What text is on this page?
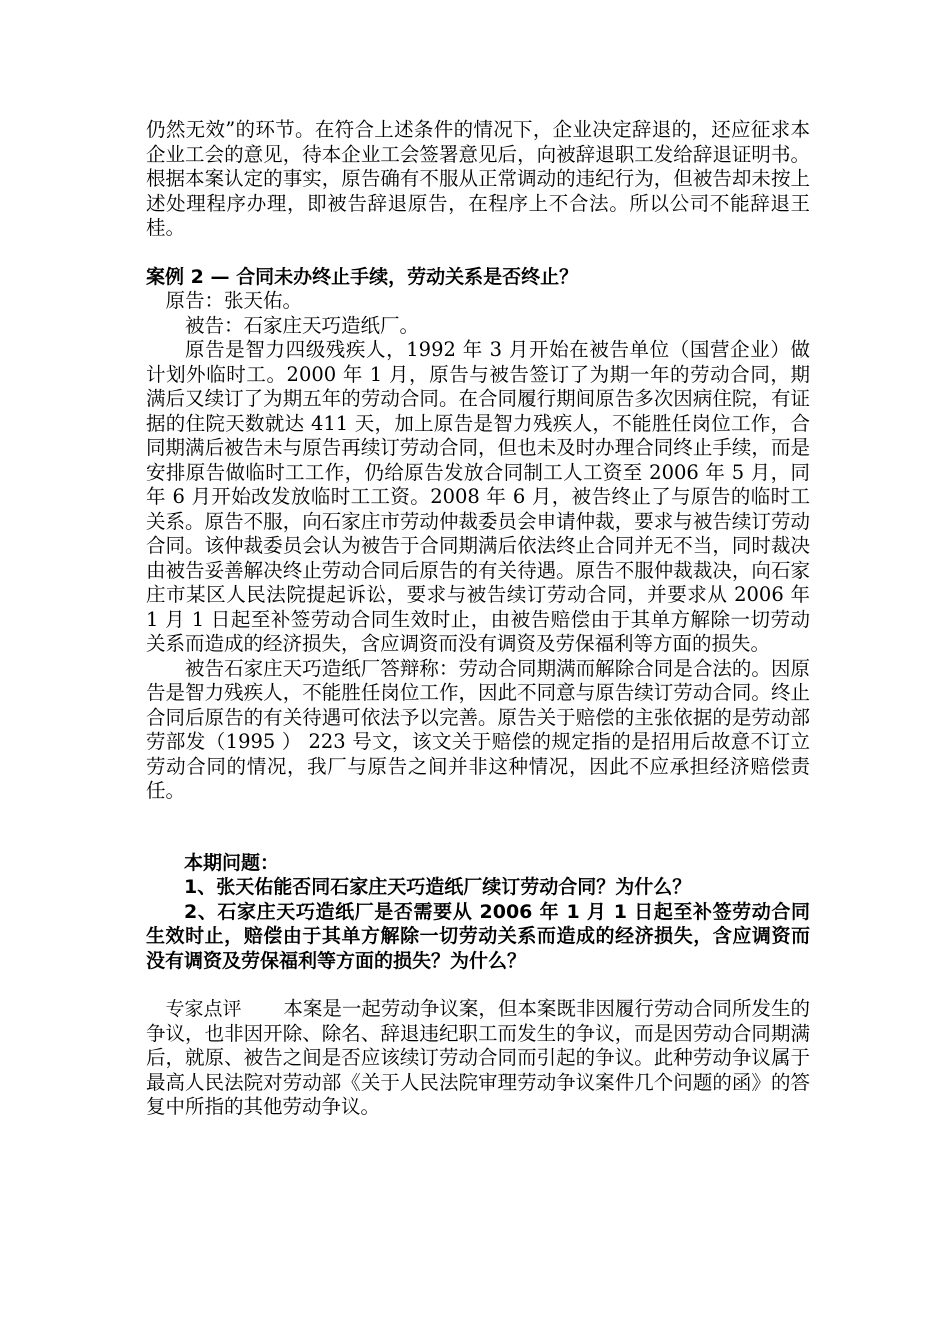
仍然无效”的环节。在符合上述条件的情况下，企业决定辞退的，还应征求本企业工会的意见，待本企业工会签署意见后，向被辞退职工发给辞退证明书。根据本案认定的事实，原告确有不服从正常调动的违纪行为，但被告却未按上述处理程序办理，即被告辞退原告，在程序上不合法。所以公司不能辞退王桂。

案例 2 — 合同未办终止手续，劳动关系是否终止？

原告：张天佑。

被告：石家庄天巧造纸厂。

原告是智力四级残疾人，1992 年 3 月开始在被告单位（国营企业）做计划外临时工。2000 年 1 月，原告与被告签订了为期一年的劳动合同，期满后又续订了为期五年的劳动合同。在合同履行期间原告多次因病住院，有证据的住院天数就达 411 天，加上原告是智力残疾人，不能胜任岗位工作，合同期满后被告未与原告再续订劳动合同，但也未及时办理合同终止手续，而是安排原告做临时工工作，仍给原告发放合同制工人工资至 2006 年 5 月，同年 6 月开始改发放临时工工资。2008 年 6 月，被告终止了与原告的临时工关系。原告不服，向石家庄市劳动仲裁委员会申请仲裁，要求与被告续订劳动合同。该仲裁委员会认为被告于合同期满后依法终止合同并无不当，同时裁决由被告妥善解决终止劳动合同后原告的有关待遇。原告不服仲裁裁决，向石家庄市某区人民法院提起诉讼，要求与被告续订劳动合同，并要求从 2006 年 1 月 1 日起至补签劳动合同生效时止，由被告赔偿由于其单方解除一切劳动关系而造成的经济损失，含应调资而没有调资及劳保福利等方面的损失。

被告石家庄天巧造纸厂答辩称：劳动合同期满而解除合同是合法的。因原告是智力残疾人，不能胜任岗位工作，因此不同意与原告续订劳动合同。终止合同后原告的有关待遇可依法予以完善。原告关于赔偿的主张依据的是劳动部劳部发（1995 ） 223 号文，该文关于赔偿的规定指的是招用后故意不订立劳动合同的情况，我厂与原告之间并非这种情况，因此不应承担经济赔偿责任。

本期问题：

1、张天佑能否同石家庄天巧造纸厂续订劳动合同？为什么？

2、石家庄天巧造纸厂是否需要从 2006 年 1 月 1 日起至补签劳动合同生效时止，赔偿由于其单方解除一切劳动关系而造成的经济损失，含应调资而没有调资及劳保福利等方面的损失？为什么？

专家点评 本案是一起劳动争议案，但本案既非因履行劳动合同所发生的争议，也非因开除、除名、辞退违纪职工而发生的争议，而是因劳动合同期满后，就原、被告之间是否应该续订劳动合同而引起的争议。此种劳动争议属于最高人民法院对劳动部《关于人民法院审理劳动争议案件几个问题的函》的答复中所指的其他劳动争议。
